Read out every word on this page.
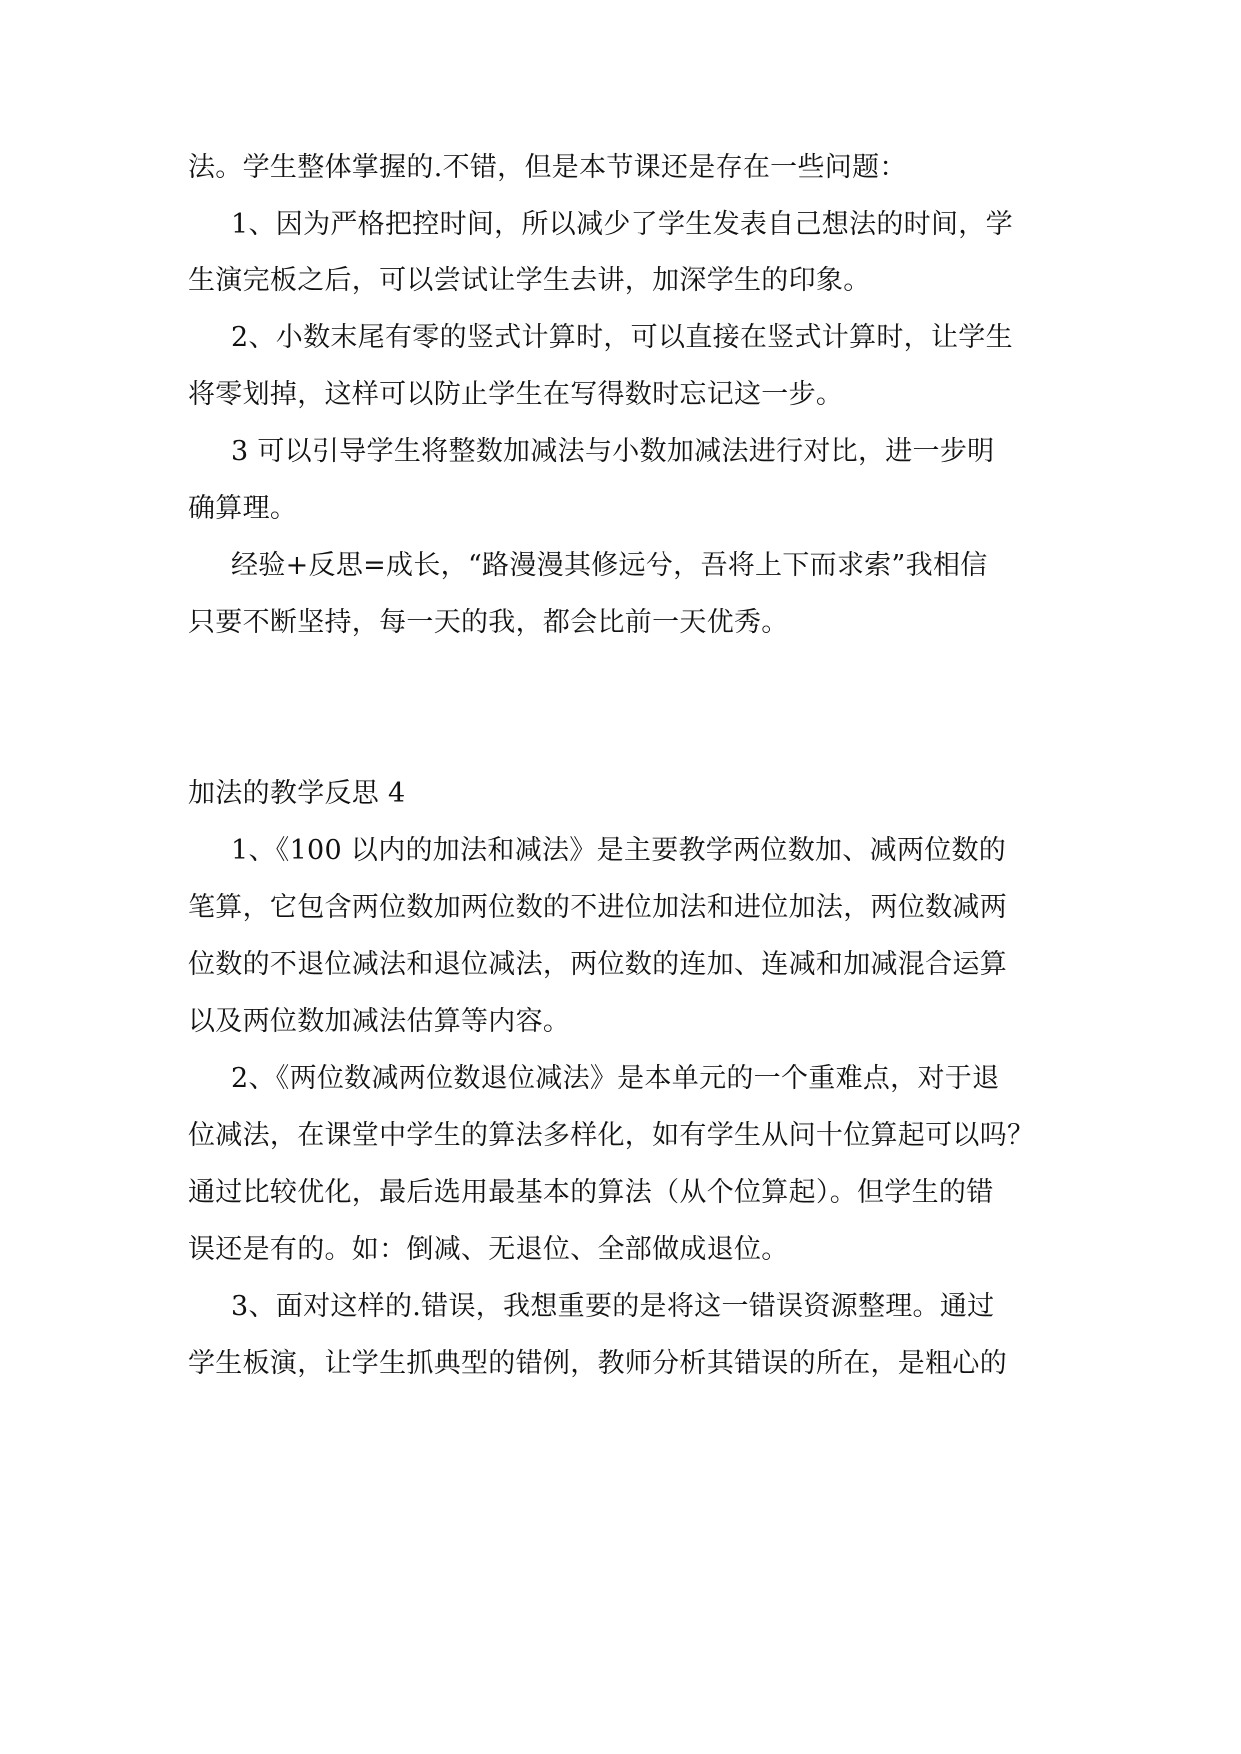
法。学生整体掌握的.不错，但是本节课还是存在一些问题：
1、因为严格把控时间，所以减少了学生发表自己想法的时间，学
生演完板之后，可以尝试让学生去讲，加深学生的印象。
2、小数末尾有零的竖式计算时，可以直接在竖式计算时，让学生
将零划掉，这样可以防止学生在写得数时忘记这一步。
3 可以引导学生将整数加减法与小数加减法进行对比，进一步明
确算理。
经验+反思=成长，“路漫漫其修远兮，吾将上下而求索”我相信
只要不断坚持，每一天的我，都会比前一天优秀。
加法的教学反思 4
1、《100 以内的加法和减法》是主要教学两位数加、减两位数的
笔算，它包含两位数加两位数的不进位加法和进位加法，两位数减两
位数的不退位减法和退位减法，两位数的连加、连减和加减混合运算
以及两位数加减法估算等内容。
2、《两位数减两位数退位减法》是本单元的一个重难点，对于退
位减法，在课堂中学生的算法多样化，如有学生从问十位算起可以吗？
通过比较优化，最后选用最基本的算法（从个位算起）。但学生的错
误还是有的。如：倒减、无退位、全部做成退位。
3、面对这样的.错误，我想重要的是将这一错误资源整理。通过
学生板演，让学生抓典型的错例，教师分析其错误的所在，是粗心的
